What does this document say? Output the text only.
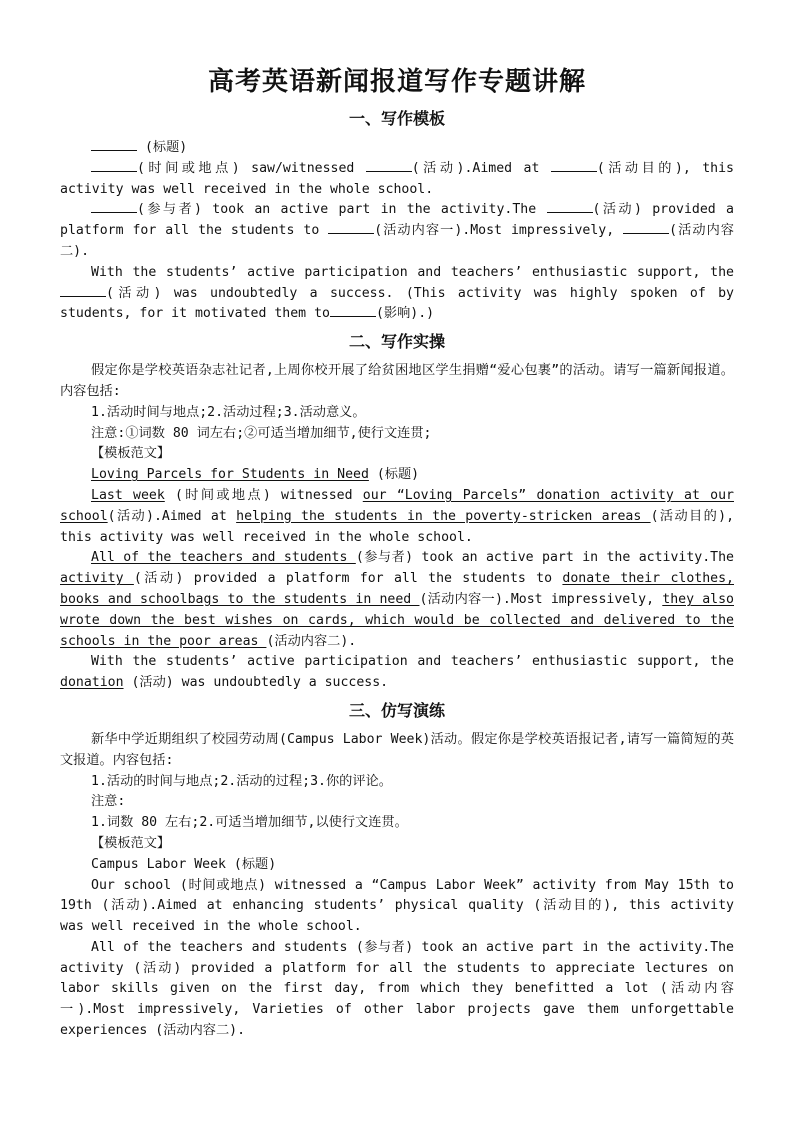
高考英语新闻报道写作专题讲解
一、写作模板

(标题)

(时间或地点) saw/witnessed	(活动).Aimed at	(活动目的), this activity was well received in the whole school.

(参与者) took an active part in the activity.The	(活动) provided a platform for all the students to	(活动内容一).Most impressively,	(活动内容二).

With the students’ active participation and teachers’ enthusiastic support, the (活动) was undoubtedly a success. (This activity was highly spoken of by students, for it motivated them to	(影响).)

二、写作实操

假定你是学校英语杂志社记者,上周你校开展了给贫困地区学生捐赠“爱心包裹”的活动。请写一篇新闻报道。内容包括:

1.活动时间与地点;2.活动过程;3.活动意义。

注意:①词数 80 词左右;②可适当增加细节,使行文连贯;

【模板范文】

Loving Parcels for Students in Need (标题)

Last week (时间或地点) witnessed our “Loving Parcels” donation activity at our school(活动).Aimed at helping the students in the poverty-stricken areas (活动目的), this activity was well received in the whole school.

All of the teachers and students (参与者) took an active part in the activity.The activity (活动) provided a platform for all the students to donate their clothes, books and schoolbags to the students in need (活动内容一).Most impressively, they also wrote down the best wishes on cards, which would be collected and delivered to the schools in the poor areas (活动内容二).

With the students’ active participation and teachers’ enthusiastic support, the donation (活动) was undoubtedly a success.

三、仿写演练

新华中学近期组织了校园劳动周(Campus Labor Week)活动。假定你是学校英语报记者,请写一篇简短的英文报道。内容包括:

1.活动的时间与地点;2.活动的过程;3.你的评论。

注意:

1.词数 80 左右;2.可适当增加细节,以使行文连贯。

【模板范文】

Campus Labor Week (标题)

Our school (时间或地点) witnessed a “Campus Labor Week” activity from May 15th to 19th (活动).Aimed at enhancing students’ physical quality (活动目的), this activity was well received in the whole school.

All of the teachers and students (参与者) took an active part in the activity.The activity (活动) provided a platform for all the students to appreciate lectures on labor skills given on the first day, from which they benefitted a lot (活动内容一).Most impressively, Varieties of other labor projects gave them unforgettable experiences (活动内容二).
